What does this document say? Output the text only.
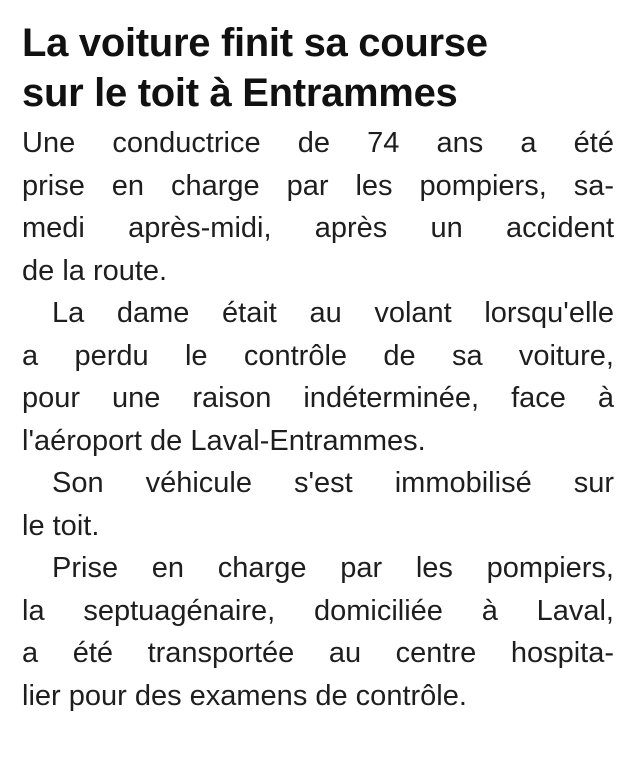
La voiture finit sa course
sur le toit à Entrammes
Une conductrice de 74 ans a été
prise en charge par les pompiers, sa-
medi après-midi, après un accident
de la route.
La dame était au volant lorsqu'elle
a perdu le contrôle de sa voiture,
pour une raison indéterminée, face à
l'aéroport de Laval-Entrammes.
Son véhicule s'est immobilisé sur
le toit.
Prise en charge par les pompiers,
la septuagénaire, domiciliée à Laval,
a été transportée au centre hospita-
lier pour des examens de contrôle.
